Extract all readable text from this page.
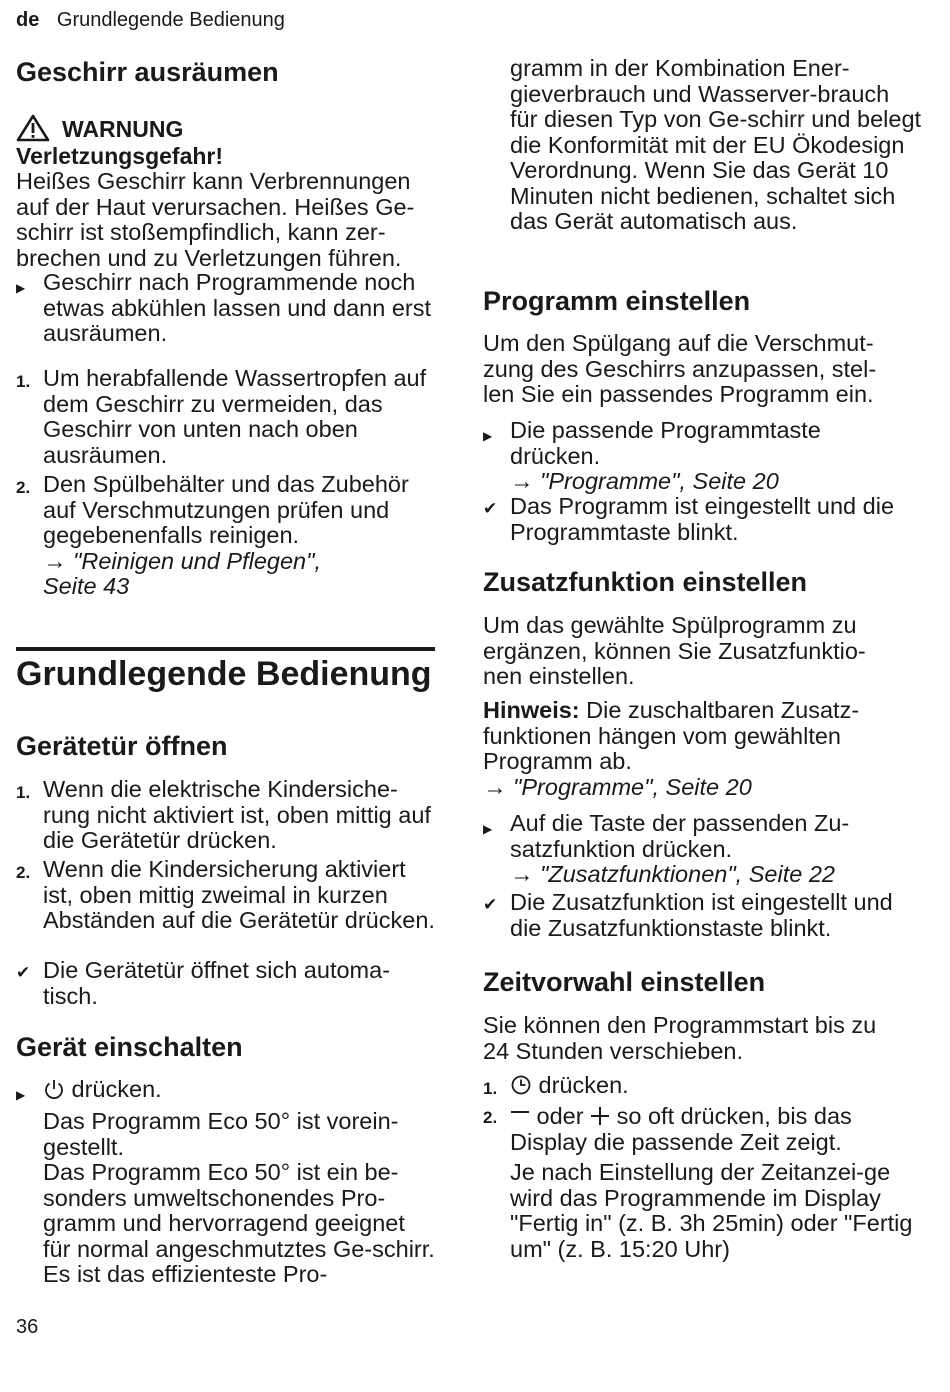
de Grundlegende Bedienung
Geschirr ausräumen
WARNUNG
Verletzungsgefahr!
Heißes Geschirr kann Verbrennungen auf der Haut verursachen. Heißes Ge-schirr ist stoßempfindlich, kann zer-brechen und zu Verletzungen führen.
▶ Geschirr nach Programmende noch etwas abkühlen lassen und dann erst ausräumen.
1. Um herabfallende Wassertropfen auf dem Geschirr zu vermeiden, das Geschirr von unten nach oben ausräumen.
2. Den Spülbehälter und das Zubehör auf Verschmutzungen prüfen und gegebenenfalls reinigen.
→ "Reinigen und Pflegen", Seite 43
Grundlegende Bedienung
Gerätetür öffnen
1. Wenn die elektrische Kindersiche-rung nicht aktiviert ist, oben mittig auf die Gerätetür drücken.
2. Wenn die Kindersicherung aktiviert ist, oben mittig zweimal in kurzen Abständen auf die Gerätetür drücken.
✔ Die Gerätetür öffnet sich automa-tisch.
Gerät einschalten
▶	drücken.
Das Programm Eco 50° ist vorein-gestellt.
Das Programm Eco 50° ist ein be-sonders umweltschonendes Pro-gramm und hervorragend geeignet für normal angeschmutztes Ge-schirr. Es ist das effizienteste Pro-
gramm in der Kombination Ener-gieverbrauch und Wasserver-brauch für diesen Typ von Ge-schirr und belegt die Konformität mit der EU Ökodesign Verordnung. Wenn Sie das Gerät 10 Minuten nicht bedienen, schaltet sich das Gerät automatisch aus.
Programm einstellen
Um den Spülgang auf die Verschmut-zung des Geschirrs anzupassen, stel-len Sie ein passendes Programm ein.
▶ Die passende Programmtaste drücken.
→ "Programme", Seite 20
✔ Das Programm ist eingestellt und die Programmtaste blinkt.
Zusatzfunktion einstellen
Um das gewählte Spülprogramm zu ergänzen, können Sie Zusatzfunktio-nen einstellen.
Hinweis: Die zuschaltbaren Zusatz-funktionen hängen vom gewählten Programm ab.
→ "Programme", Seite 20
▶ Auf die Taste der passenden Zu-satzfunktion drücken.
→ "Zusatzfunktionen", Seite 22
✔ Die Zusatzfunktion ist eingestellt und die Zusatzfunktionstaste blinkt.
Zeitvorwahl einstellen
Sie können den Programmstart bis zu 24 Stunden verschieben.
1.	drücken.
2.	oder so oft drücken, bis das Display die passende Zeit zeigt.
Je nach Einstellung der Zeitanzei-ge wird das Programmende im Display "Fertig in" (z. B. 3h 25min) oder "Fertig um" (z. B. 15:20 Uhr)
36
